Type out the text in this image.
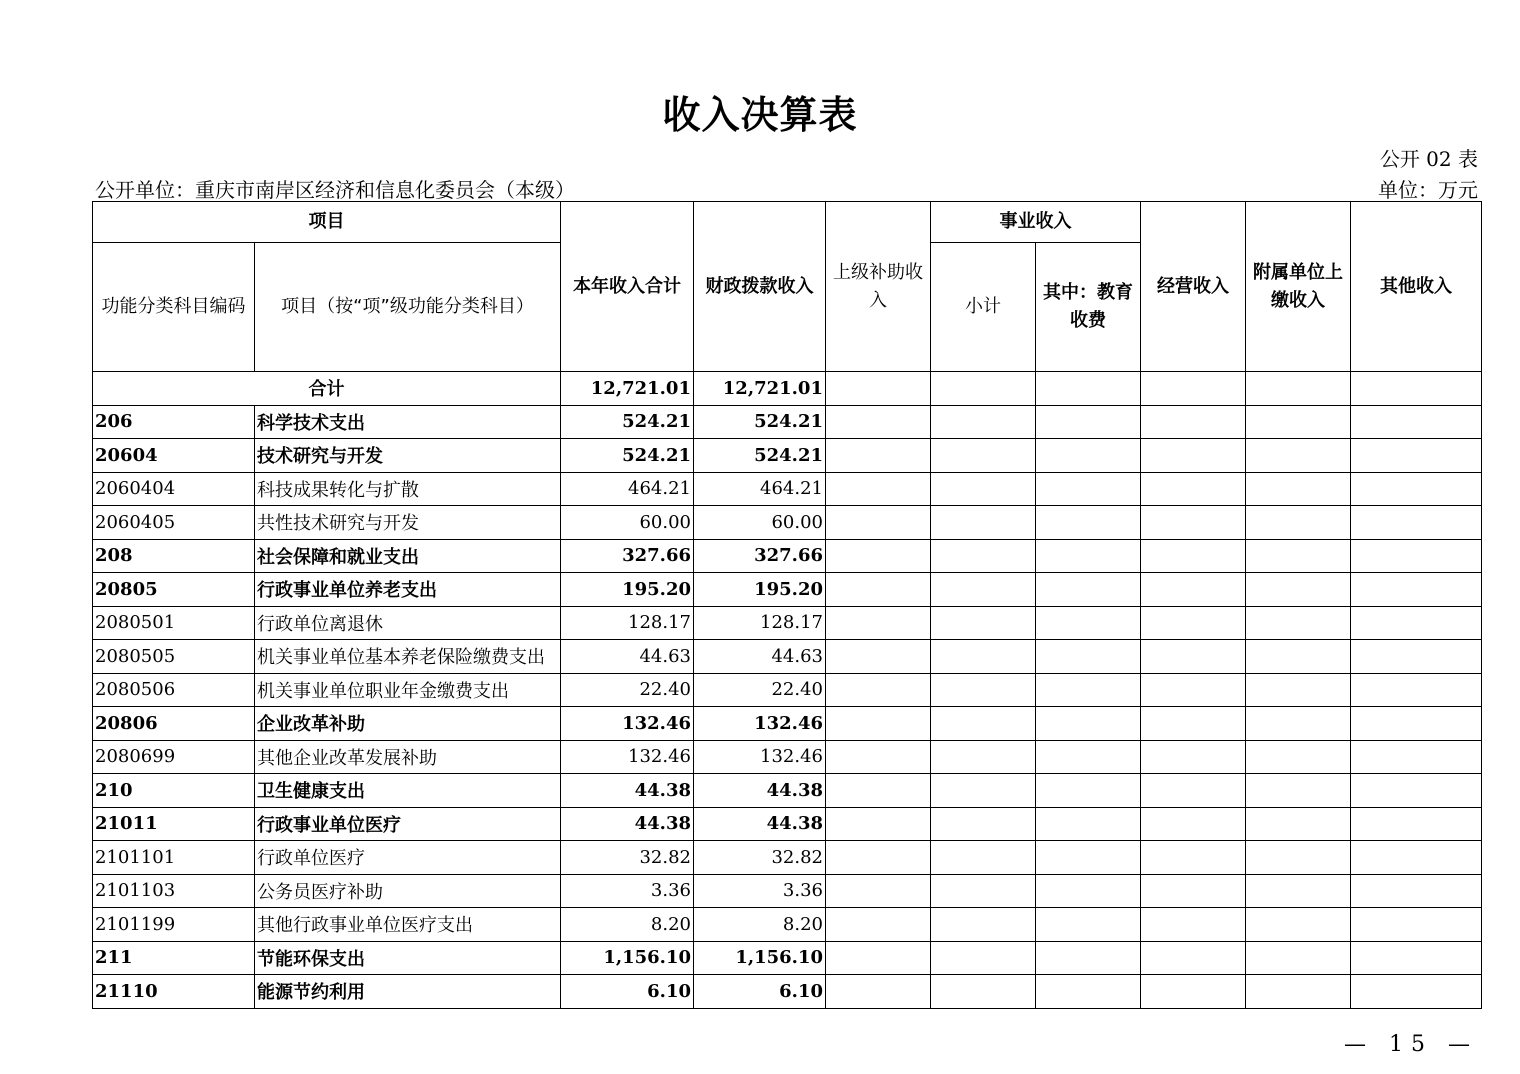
收入决算表
公开 02 表
公开单位：重庆市南岸区经济和信息化委员会（本级）	单位：万元
项目		本年收入合计	财政拨款收入	上级补助收入	事业收入		经营收入	附属单位上缴收入	其他收入
功能分类科目编码	项目（按“项”级功能分类科目）				小计	其中：教育收费			
合计		12,721.01	12,721.01						
206	科学技术支出	524.21	524.21						
20604	技术研究与开发	524.21	524.21						
2060404	科技成果转化与扩散	464.21	464.21						
2060405	共性技术研究与开发	60.00	60.00						
208	社会保障和就业支出	327.66	327.66						
20805	行政事业单位养老支出	195.20	195.20						
2080501	行政单位离退休	128.17	128.17						
2080505	机关事业单位基本养老保险缴费支出	44.63	44.63						
2080506	机关事业单位职业年金缴费支出	22.40	22.40						
20806	企业改革补助	132.46	132.46						
2080699	其他企业改革发展补助	132.46	132.46						
210	卫生健康支出	44.38	44.38						
21011	行政事业单位医疗	44.38	44.38						
2101101	行政单位医疗	32.82	32.82						
2101103	公务员医疗补助	3.36	3.36						
2101199	其他行政事业单位医疗支出	8.20	8.20						
211	节能环保支出	1,156.10	1,156.10						
21110	能源节约利用	6.10	6.10						
— 15 —
